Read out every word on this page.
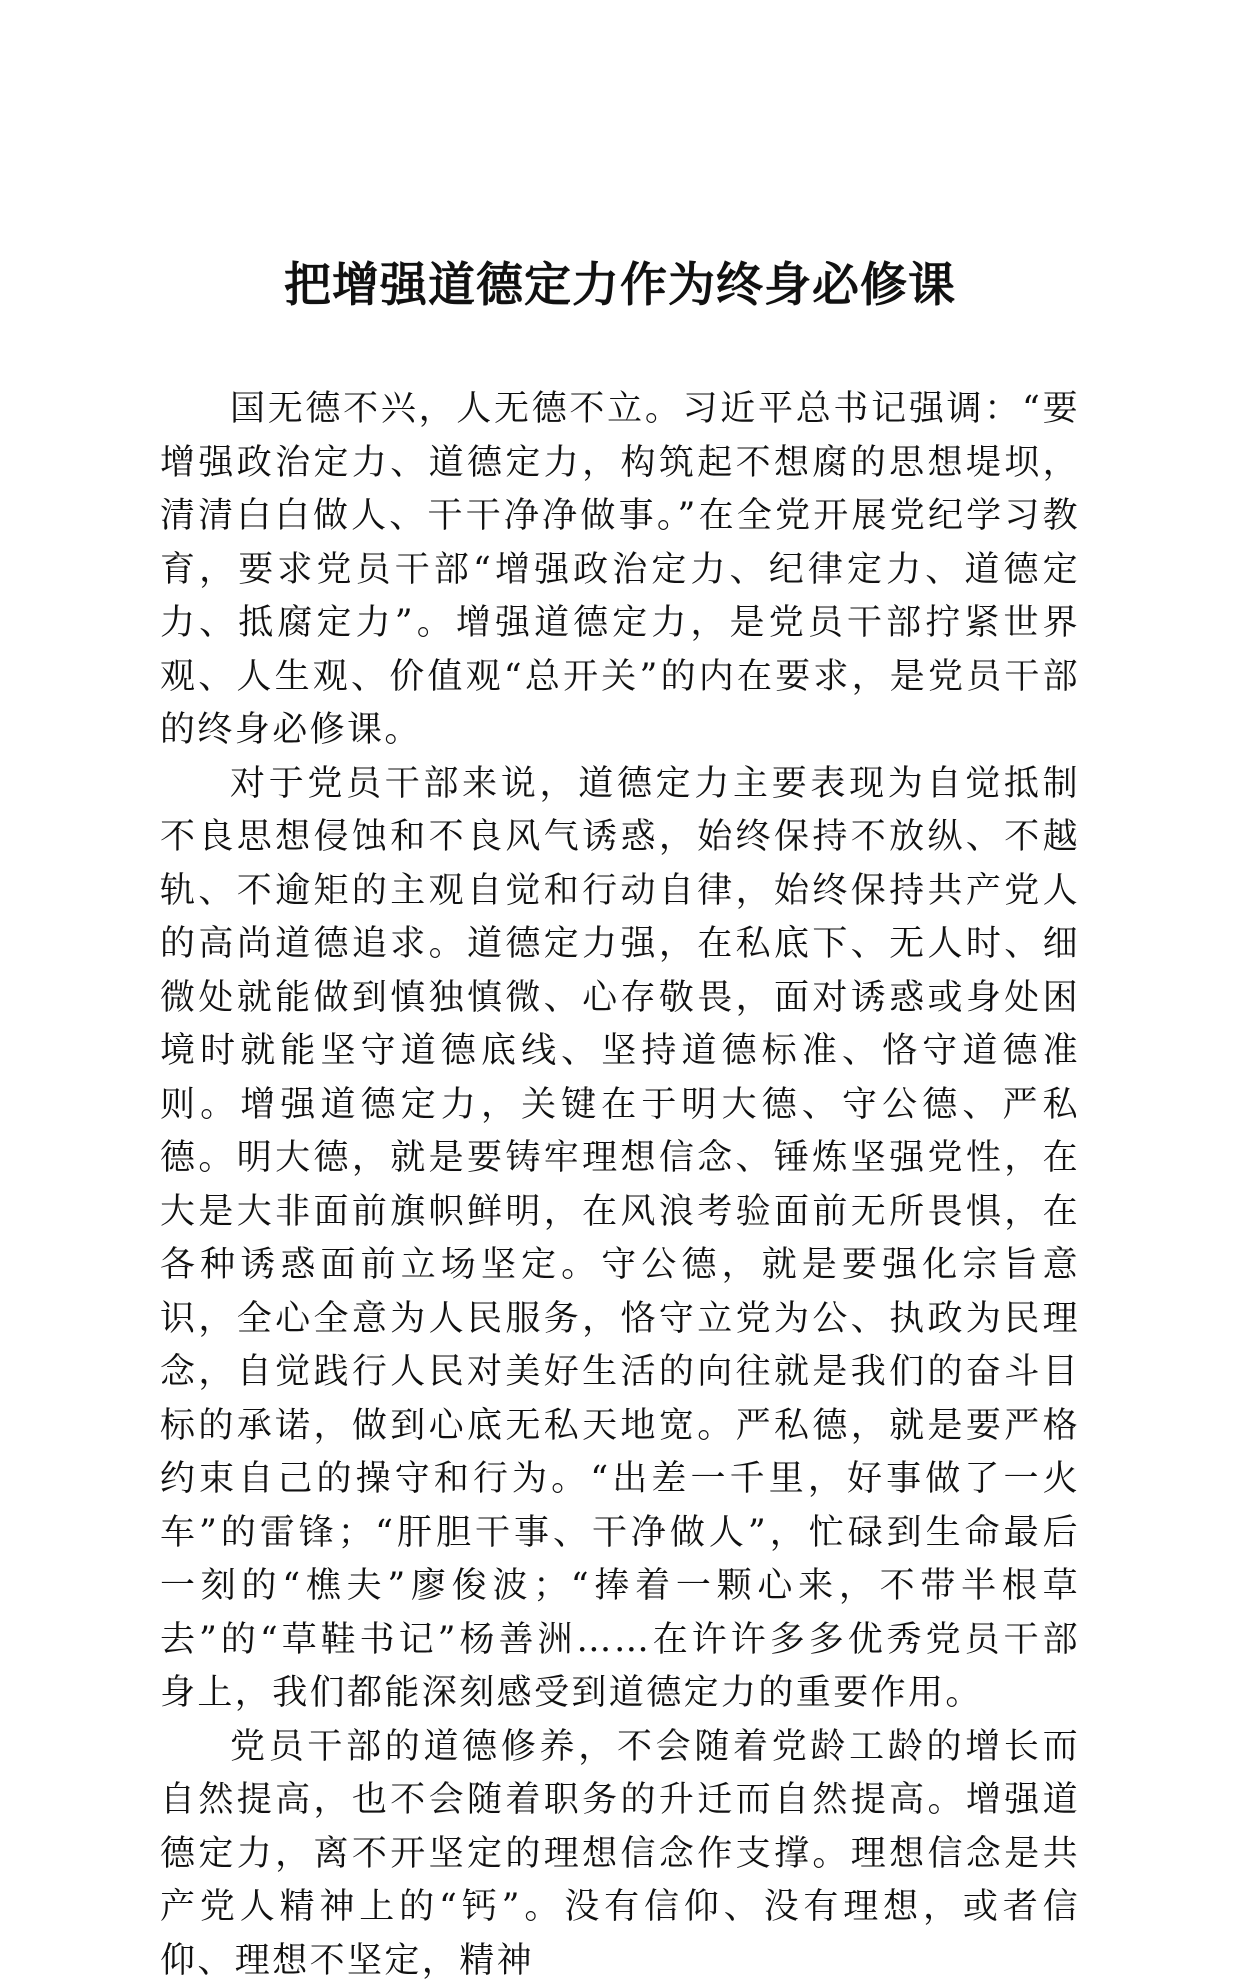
把增强道德定力作为终身必修课

国无德不兴，人无德不立。习近平总书记强调：“要增强政治定力、道德定力，构筑起不想腐的思想堤坝，清清白白做人、干干净净做事。”在全党开展党纪学习教育，要求党员干部“增强政治定力、纪律定力、道德定力、抵腐定力”。增强道德定力，是党员干部拧紧世界观、人生观、价值观“总开关”的内在要求，是党员干部的终身必修课。

对于党员干部来说，道德定力主要表现为自觉抵制不良思想侵蚀和不良风气诱惑，始终保持不放纵、不越轨、不逾矩的主观自觉和行动自律，始终保持共产党人的高尚道德追求。道德定力强，在私底下、无人时、细微处就能做到慎独慎微、心存敬畏，面对诱惑或身处困境时就能坚守道德底线、坚持道德标准、恪守道德准则。增强道德定力，关键在于明大德、守公德、严私德。明大德，就是要铸牢理想信念、锤炼坚强党性，在大是大非面前旗帜鲜明，在风浪考验面前无所畏惧，在各种诱惑面前立场坚定。守公德，就是要强化宗旨意识，全心全意为人民服务，恪守立党为公、执政为民理念，自觉践行人民对美好生活的向往就是我们的奋斗目标的承诺，做到心底无私天地宽。严私德，就是要严格约束自己的操守和行为。“出差一千里，好事做了一火车”的雷锋；“肝胆干事、干净做人”，忙碌到生命最后一刻的“樵夫”廖俊波；“捧着一颗心来，不带半根草去”的“草鞋书记”杨善洲……在许许多多优秀党员干部身上，我们都能深刻感受到道德定力的重要作用。

党员干部的道德修养，不会随着党龄工龄的增长而自然提高，也不会随着职务的升迁而自然提高。增强道德定力，离不开坚定的理想信念作支撑。理想信念是共产党人精神上的“钙”。没有信仰、没有理想，或者信仰、理想不坚定，精神
